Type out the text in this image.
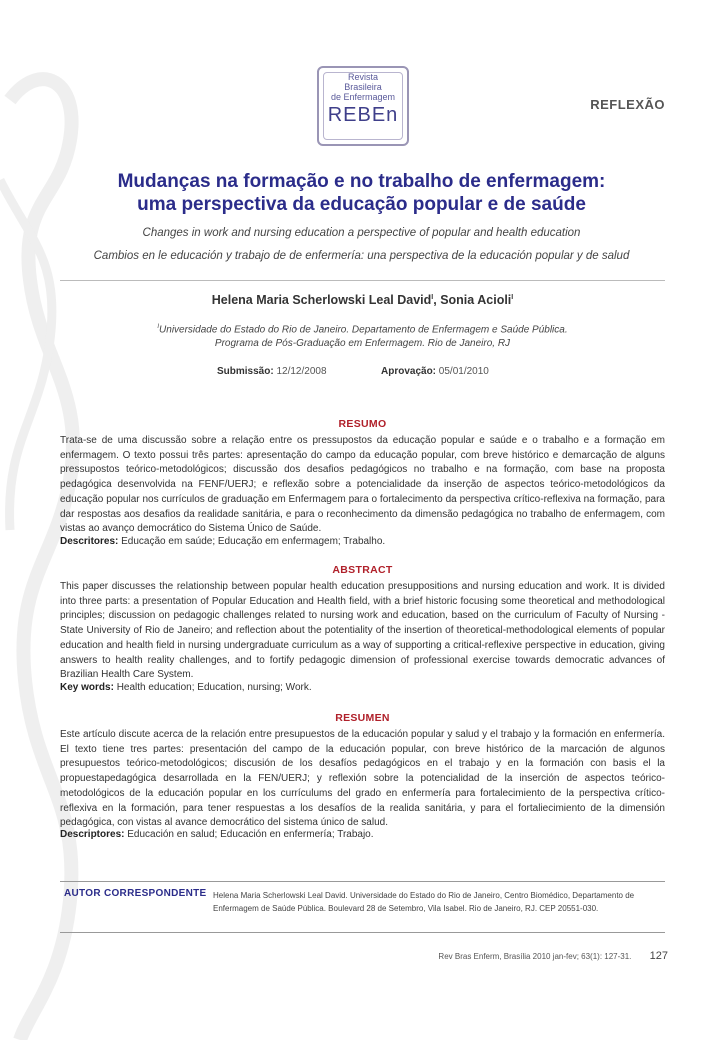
Revista
Brasileira
de Enfermagem
REBEn	REFLEXÃO
Mudanças na formação e no trabalho de enfermagem:
uma perspectiva da educação popular e de saúde
Changes in work and nursing education a perspective of popular and health education
Cambios en le educación y trabajo de de enfermería: una perspectiva de la educación popular y de salud
Helena Maria Scherlowski Leal David$^I$, Sonia Acioli$^I$
$^I$Universidade do Estado do Rio de Janeiro. Departamento de Enfermagem e Saúde Pública.
Programa de Pós-Graduação em Enfermagem. Rio de Janeiro, RJ
Submissão: 12/12/2008	Aprovação: 05/01/2010
RESUMO
Trata-se de uma discussão sobre a relação entre os pressupostos da educação popular e saúde e o trabalho e a formação em enfermagem. O texto possui três partes: apresentação do campo da educação popular, com breve histórico e demarcação de alguns pressupostos teórico-metodológicos; discussão dos desafios pedagógicos no trabalho e na formação, com base na proposta pedagógica desenvolvida na FENF/UERJ; e reflexão sobre a potencialidade da inserção de aspectos teórico-metodológicos da educação popular nos currículos de graduação em Enfermagem para o fortalecimento da perspectiva crítico-reflexiva na formação, para dar respostas aos desafios da realidade sanitária, e para o reconhecimento da dimensão pedagógica no trabalho de enfermagem, com vistas ao avanço democrático do Sistema Único de Saúde.
Descritores: Educação em saúde; Educação em enfermagem; Trabalho.
ABSTRACT
This paper discusses the relationship between popular health education presuppositions and nursing education and work. It is divided into three parts: a presentation of Popular Education and Health field, with a brief historic focusing some theoretical and methodological principles; discussion on pedagogic challenges related to nursing work and education, based on the curriculum of Faculty of Nursing - State University of Rio de Janeiro; and reflection about the potentiality of the insertion of theoretical-methodological elements of popular education and health field in nursing undergraduate curriculum as a way of supporting a critical-reflexive perspective in education, giving answers to health reality challenges, and to fortify pedagogic dimension of professional exercise towards democratic advances of Brazilian Health Care System.
Key words: Health education; Education, nursing; Work.
RESUMEN
Este artículo discute acerca de la relación entre presupuestos de la educación popular y salud y el trabajo y la formación en enfermería. El texto tiene tres partes: presentación del campo de la educación popular, con breve histórico de la marcación de algunos presupuestos teórico-metodológicos; discusión de los desafíos pedagógicos en el trabajo y en la formación con basis el la propuestapedagógica desarrollada en la FEN/UERJ; y reflexión sobre la potencialidad de la inserción de aspectos teórico-metodológicos de la educación popular en los currículums del grado en enfermería para fortalecimiento de la perspectiva crítico-reflexiva en la formación, para tener respuestas a los desafíos de la realida sanitária, y para el fortaliecimiento de la dimensión pedagógica, con vistas al avance democrático del sistema único de salud.
Descriptores: Educación en salud; Educación en enfermería; Trabajo.
AUTOR CORRESPONDENTE Helena Maria Scherlowski Leal David. Universidade do Estado do Rio de Janeiro, Centro Biomédico, Departamento de Enfermagem de Saúde Pública. Boulevard 28 de Setembro, Vila Isabel. Rio de Janeiro, RJ. CEP 20551-030.
Rev Bras Enferm, Brasília 2010 jan-fev; 63(1): 127-31. 127
